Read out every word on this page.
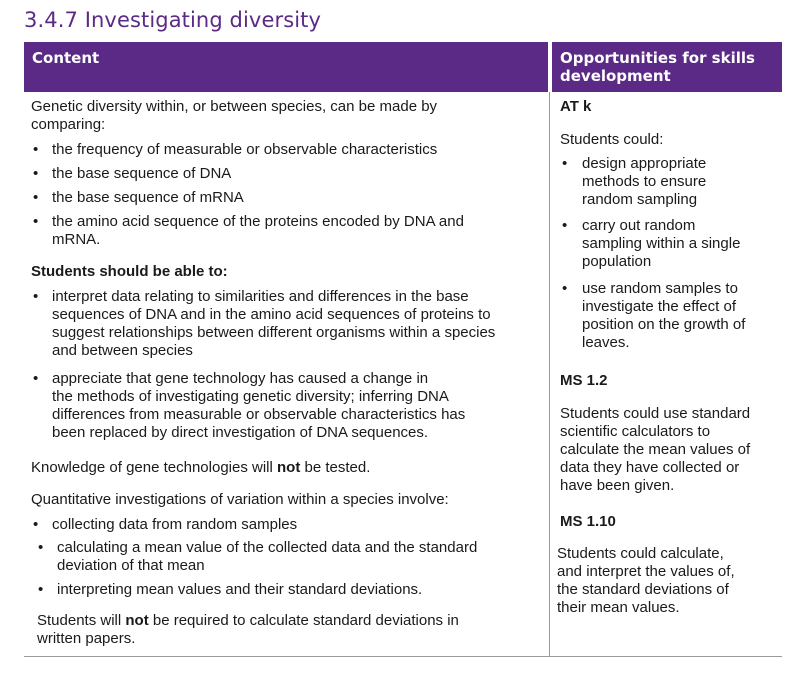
3.4.7 Investigating diversity
Content	Opportunities for skills
development
Genetic diversity within, or between species, can be made by
comparing:
• the frequency of measurable or observable characteristics
• the base sequence of DNA
• the base sequence of mRNA
• the amino acid sequence of the proteins encoded by DNA and
mRNA.
Students should be able to:
• interpret data relating to similarities and differences in the base
sequences of DNA and in the amino acid sequences of proteins to
suggest relationships between different organisms within a species
and between species
• appreciate that gene technology has caused a change in
the methods of investigating genetic diversity; inferring DNA
differences from measurable or observable characteristics has
been replaced by direct investigation of DNA sequences.
Knowledge of gene technologies will not be tested.
Quantitative investigations of variation within a species involve:
• collecting data from random samples
• calculating a mean value of the collected data and the standard
deviation of that mean
• interpreting mean values and their standard deviations.
Students will not be required to calculate standard deviations in
written papers.
AT k
Students could:
• design appropriate
methods to ensure
random sampling
• carry out random
sampling within a single
population
• use random samples to
investigate the effect of
position on the growth of
leaves.
MS 1.2
Students could use standard
scientific calculators to
calculate the mean values of
data they have collected or
have been given.
MS 1.10
Students could calculate,
and interpret the values of,
the standard deviations of
their mean values.
